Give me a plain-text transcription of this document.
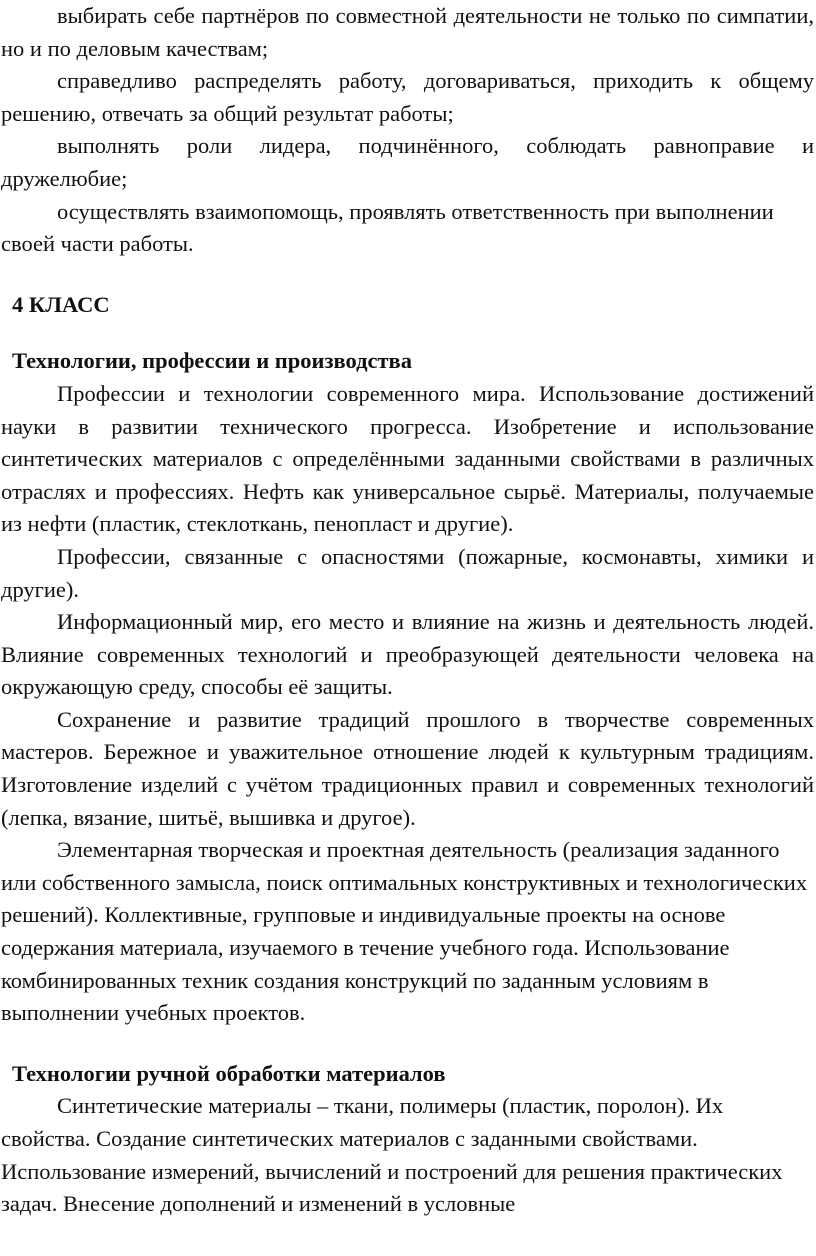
выбирать себе партнёров по совместной деятельности не только по симпатии, но и по деловым качествам;

справедливо распределять работу, договариваться, приходить к общему решению, отвечать за общий результат работы;

выполнять роли лидера, подчинённого, соблюдать равноправие и дружелюбие;

осуществлять взаимопомощь, проявлять ответственность при выполнении своей части работы.

4 КЛАСС
Технологии, профессии и производства

Профессии и технологии современного мира. Использование достижений науки в развитии технического прогресса. Изобретение и использование синтетических материалов с определёнными заданными свойствами в различных отраслях и профессиях. Нефть как универсальное сырьё. Материалы, получаемые из нефти (пластик, стеклоткань, пенопласт и другие).

Профессии, связанные с опасностями (пожарные, космонавты, химики и другие).

Информационный мир, его место и влияние на жизнь и деятельность людей. Влияние современных технологий и преобразующей деятельности человека на окружающую среду, способы её защиты.

Сохранение и развитие традиций прошлого в творчестве современных мастеров. Бережное и уважительное отношение людей к культурным традициям. Изготовление изделий с учётом традиционных правил и современных технологий (лепка, вязание, шитьё, вышивка и другое).

Элементарная творческая и проектная деятельность (реализация заданного или собственного замысла, поиск оптимальных конструктивных и технологических решений). Коллективные, групповые и индивидуальные проекты на основе содержания материала, изучаемого в течение учебного года. Использование комбинированных техник создания конструкций по заданным условиям в выполнении учебных проектов.

Технологии ручной обработки материалов

Синтетические материалы – ткани, полимеры (пластик, поролон). Их свойства. Создание синтетических материалов с заданными свойствами. Использование измерений, вычислений и построений для решения практических задач. Внесение дополнений и изменений в условные
